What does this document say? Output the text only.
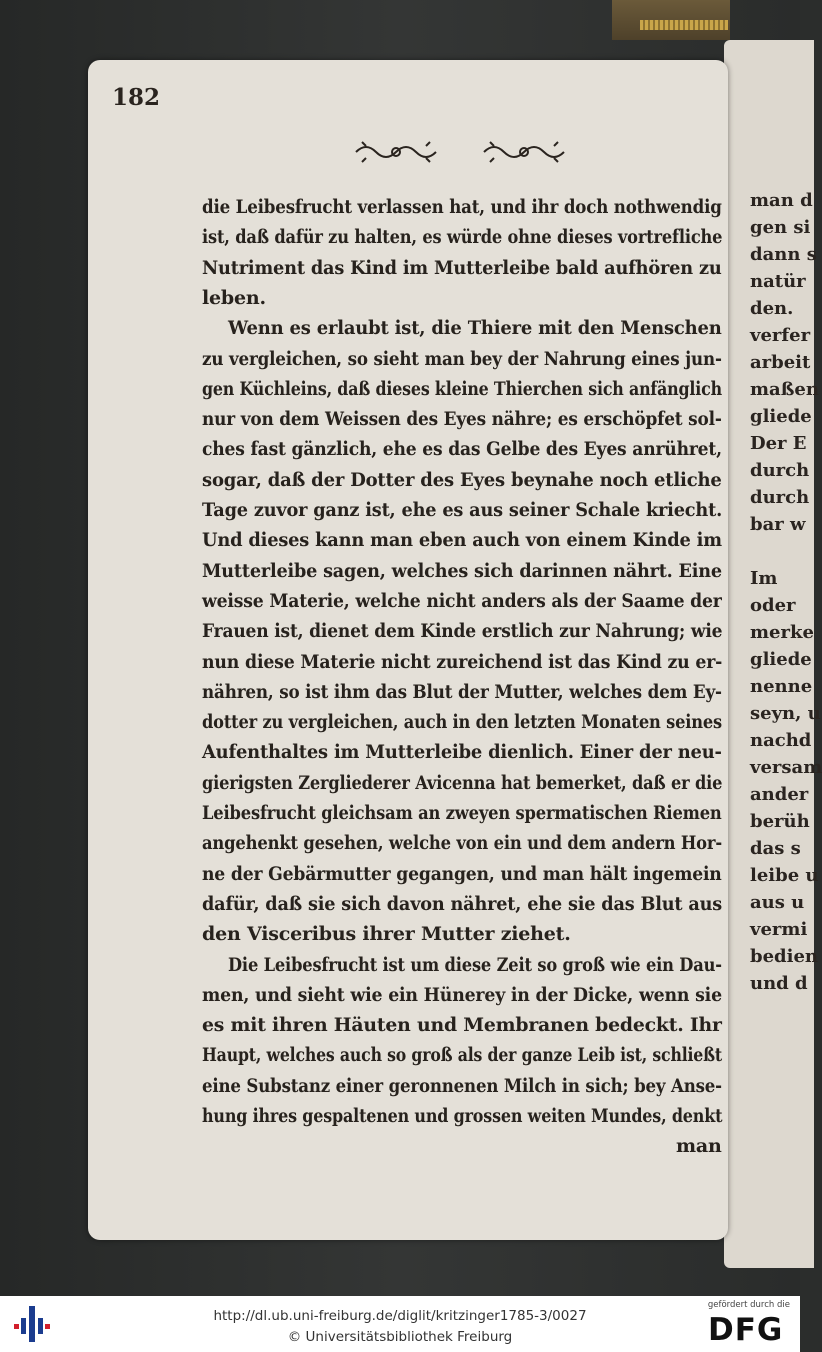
man d
gen si
dann s
natür
den.
verfer
arbeit
maßen
gliede
Der E
durch
durch
bar w
Im
oder
merke
gliede
nenne
seyn, u
nachd
versam
ander
berüh
das s
leibe u
aus u
vermi
bedien
und d
182
die Leibesfrucht verlassen hat, und ihr doch nothwendig
ist, daß dafür zu halten, es würde ohne dieses vortrefliche
Nutriment das Kind im Mutterleibe bald aufhören zu
leben.
Wenn es erlaubt ist, die Thiere mit den Menschen
zu vergleichen, so sieht man bey der Nahrung eines jun-
gen Küchleins, daß dieses kleine Thierchen sich anfänglich
nur von dem Weissen des Eyes nähre; es erschöpfet sol-
ches fast gänzlich, ehe es das Gelbe des Eyes anrühret,
sogar, daß der Dotter des Eyes beynahe noch etliche
Tage zuvor ganz ist, ehe es aus seiner Schale kriecht.
Und dieses kann man eben auch von einem Kinde im
Mutterleibe sagen, welches sich darinnen nährt. Eine
weisse Materie, welche nicht anders als der Saame der
Frauen ist, dienet dem Kinde erstlich zur Nahrung; wie
nun diese Materie nicht zureichend ist das Kind zu er-
nähren, so ist ihm das Blut der Mutter, welches dem Ey-
dotter zu vergleichen, auch in den letzten Monaten seines
Aufenthaltes im Mutterleibe dienlich. Einer der neu-
gierigsten Zergliederer Avicenna hat bemerket, daß er die
Leibesfrucht gleichsam an zweyen spermatischen Riemen
angehenkt gesehen, welche von ein und dem andern Hor-
ne der Gebärmutter gegangen, und man hält ingemein
dafür, daß sie sich davon nähret, ehe sie das Blut aus
den Visceribus ihrer Mutter ziehet.
Die Leibesfrucht ist um diese Zeit so groß wie ein Dau-
men, und sieht wie ein Hünerey in der Dicke, wenn sie
es mit ihren Häuten und Membranen bedeckt. Ihr
Haupt, welches auch so groß als der ganze Leib ist, schließt
eine Substanz einer geronnenen Milch in sich; bey Anse-
hung ihres gespaltenen und grossen weiten Mundes, denkt
man
http://dl.ub.uni-freiburg.de/diglit/kritzinger1785-3/0027
© Universitätsbibliothek Freiburg
gefördert durch die
DFG
